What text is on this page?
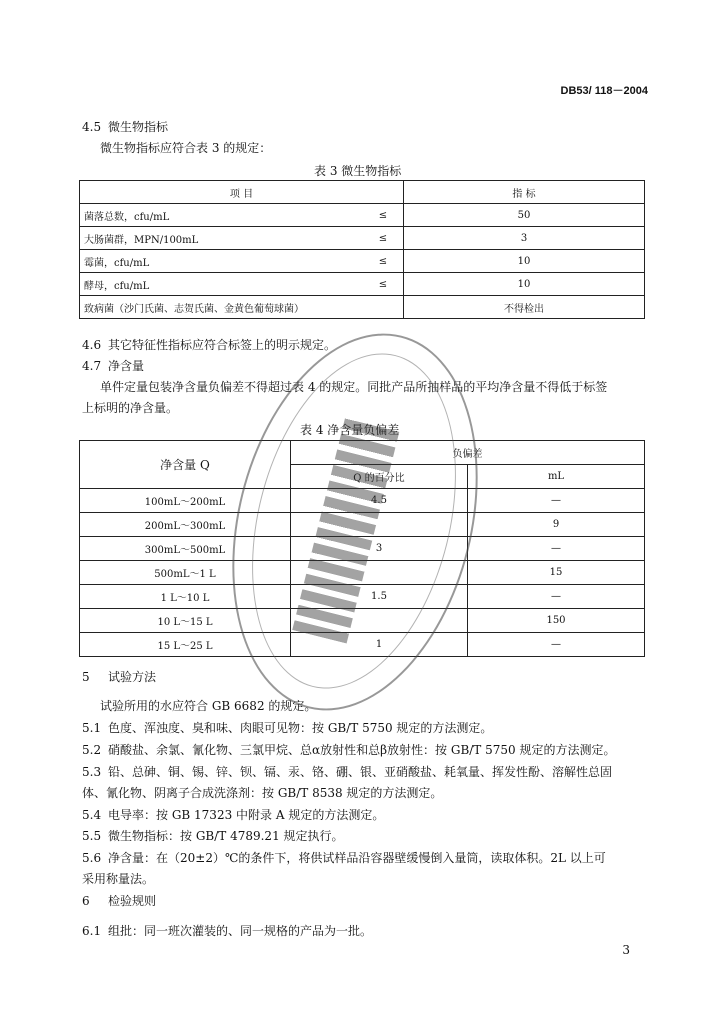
DB53/ 118－2004
4.5 微生物指标
微生物指标应符合表 3 的规定：
表 3 微生物指标
项 目		指 标
菌落总数，cfu/mL	≤	50
大肠菌群，MPN/100mL	≤	3
霉菌，cfu/mL	≤	10
酵母，cfu/mL	≤	10
致病菌（沙门氏菌、志贺氏菌、金黄色葡萄球菌）		不得检出
4.6 其它特征性指标应符合标签上的明示规定。
4.7 净含量
单件定量包装净含量负偏差不得超过表 4 的规定。同批产品所抽样品的平均净含量不得低于标签
上标明的净含量。
表 4 净含量负偏差
净含量 Q	负偏差	
	Q 的百分比	mL
100mL～200mL	4.5	—
200mL～300mL		9
300mL～500mL	3	—
500mL～1 L		15
1 L～10 L	1.5	—
10 L～15 L		150
15 L～25 L	1	—
5 试验方法
试验所用的水应符合 GB 6682 的规定。
5.1 色度、浑浊度、臭和味、肉眼可见物：按 GB/T 5750 规定的方法测定。
5.2 硝酸盐、余氯、氰化物、三氯甲烷、总α放射性和总β放射性：按 GB/T 5750 规定的方法测定。
5.3 铅、总砷、铜、锡、锌、钡、镉、汞、铬、硼、银、亚硝酸盐、耗氧量、挥发性酚、溶解性总固
体、氰化物、阴离子合成洗涤剂：按 GB/T 8538 规定的方法测定。
5.4 电导率：按 GB 17323 中附录 A 规定的方法测定。
5.5 微生物指标：按 GB/T 4789.21 规定执行。
5.6 净含量：在（20±2）℃的条件下，将供试样品沿容器壁缓慢倒入量筒，读取体积。2L 以上可
采用称量法。
6 检验规则
6.1 组批：同一班次灌装的、同一规格的产品为一批。
3
